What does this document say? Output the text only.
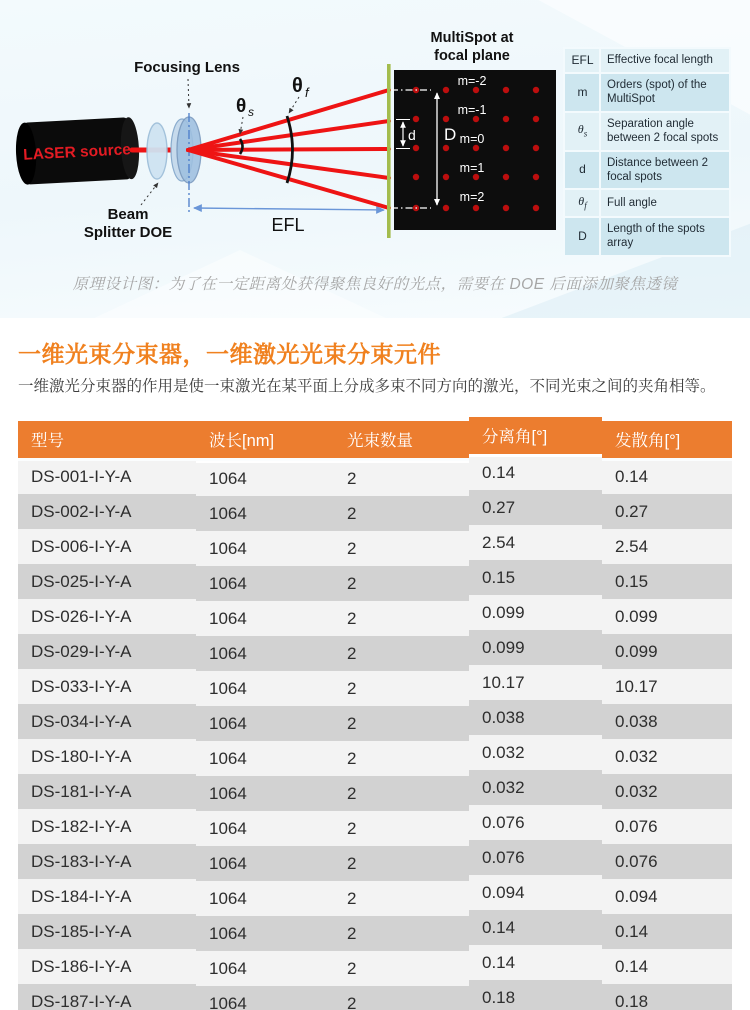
EFL
LASER source
θ s
θ f
Focusing Lens
Beam
Splitter DOE
d D
m=-2
m=-1
m=0
m=1
m=2
MultiSpot at
focal plane	EFL	Effective focal length
m	Orders (spot) of the MultiSpot
$\theta_s$	Separation angle between 2 focal spots
d	Distance between 2 focal spots
$\theta_f$	Full angle
D	Length of the spots array
原理设计图：为了在一定距离处获得聚焦良好的光点，需要在 DOE 后面添加聚焦透镜
一维光束分束器，一维激光光束分束元件

一维激光分束器的作用是使一束激光在某平面上分成多束不同方向的激光，不同光束之间的夹角相等。

型号	波长[nm]	光束数量	分离角[°]	发散角[°]
DS-001-I-Y-A	1064	2	0.14	0.14
DS-002-I-Y-A	1064	2	0.27	0.27
DS-006-I-Y-A	1064	2	2.54	2.54
DS-025-I-Y-A	1064	2	0.15	0.15
DS-026-I-Y-A	1064	2	0.099	0.099
DS-029-I-Y-A	1064	2	0.099	0.099
DS-033-I-Y-A	1064	2	10.17	10.17
DS-034-I-Y-A	1064	2	0.038	0.038
DS-180-I-Y-A	1064	2	0.032	0.032
DS-181-I-Y-A	1064	2	0.032	0.032
DS-182-I-Y-A	1064	2	0.076	0.076
DS-183-I-Y-A	1064	2	0.076	0.076
DS-184-I-Y-A	1064	2	0.094	0.094
DS-185-I-Y-A	1064	2	0.14	0.14
DS-186-I-Y-A	1064	2	0.14	0.14
DS-187-I-Y-A	1064	2	0.18	0.18
